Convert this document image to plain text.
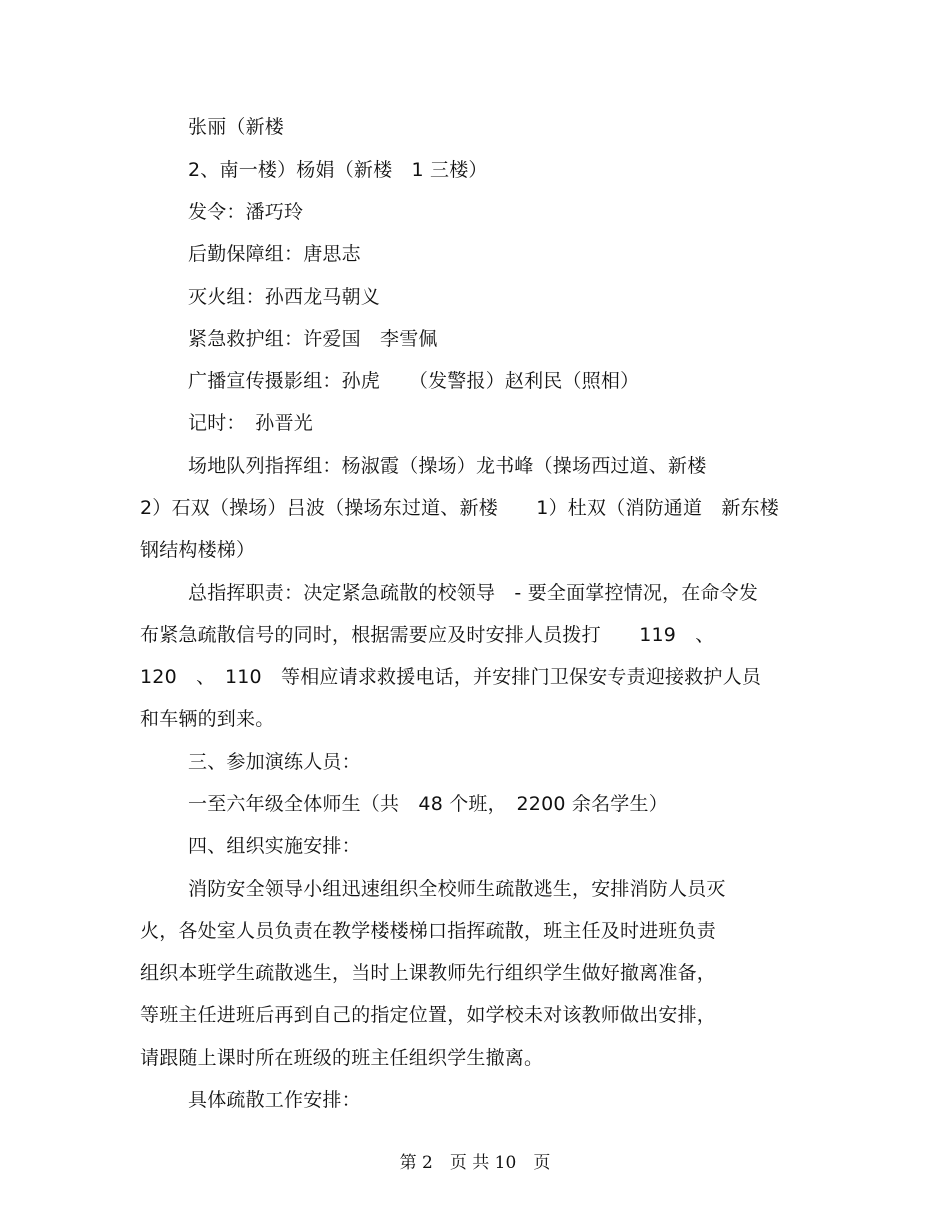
张丽（新楼
2、南一楼）杨娟（新楼　1 三楼）
发令：潘巧玲
后勤保障组：唐思志
灭火组：孙西龙马朝义
紧急救护组：许爱国　李雪佩
广播宣传摄影组：孙虎　　（发警报）赵利民（照相）
记时：　孙晋光
场地队列指挥组：杨淑霞（操场）龙书峰（操场西过道、新楼
2）石双（操场）吕波（操场东过道、新楼　　1）杜双（消防通道　新东楼
钢结构楼梯）
总指挥职责：决定紧急疏散的校领导　- 要全面掌控情况，在命令发
布紧急疏散信号的同时，根据需要应及时安排人员拨打　　119　、
120　、　110　等相应请求救援电话，并安排门卫保安专责迎接救护人员
和车辆的到来。
三、参加演练人员：
一至六年级全体师生（共　48 个班，　2200 余名学生）
四、组织实施安排：
消防安全领导小组迅速组织全校师生疏散逃生，安排消防人员灭
火，各处室人员负责在教学楼楼梯口指挥疏散，班主任及时进班负责
组织本班学生疏散逃生，当时上课教师先行组织学生做好撤离准备，
等班主任进班后再到自己的指定位置，如学校未对该教师做出安排，
请跟随上课时所在班级的班主任组织学生撤离。
具体疏散工作安排：
第 2　页 共 10　页
